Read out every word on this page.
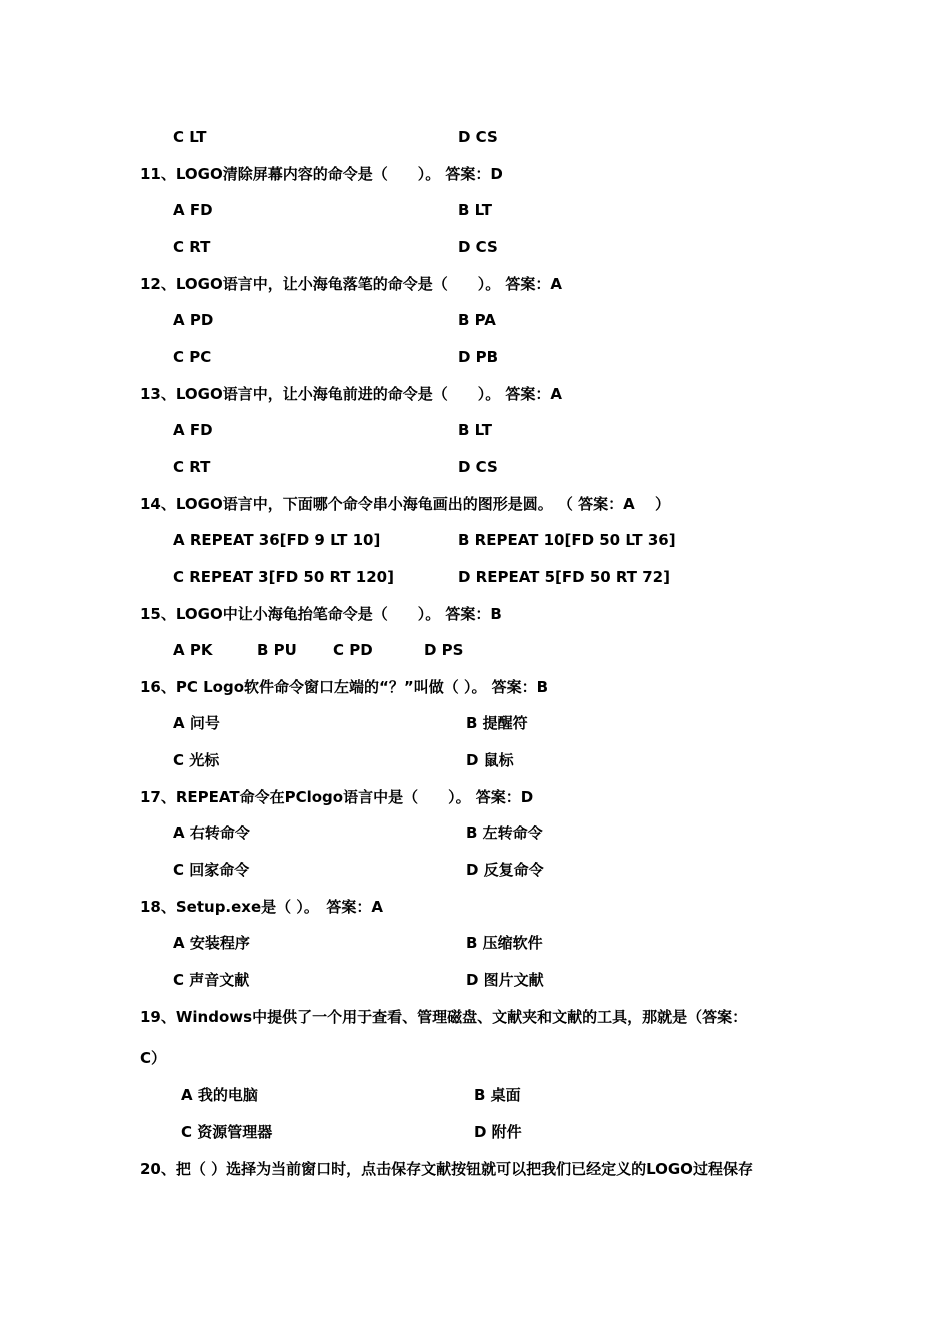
C LT	D CS
11、LOGO清除屏幕内容的命令是（　　）。 答案：D
A FD	B LT
C RT	D CS
12、LOGO语言中，让小海龟落笔的命令是（　　）。 答案：A
A PD	B PA
C PC	D PB
13、LOGO语言中，让小海龟前进的命令是（　　）。 答案：A
A FD	B LT
C RT	D CS
14、LOGO语言中，下面哪个命令串小海龟画出的图形是圆。 （ 答案：A　 ）
A REPEAT 36[FD 9 LT 10]	B REPEAT 10[FD 50 LT 36]
C REPEAT 3[FD 50 RT 120]	D REPEAT 5[FD 50 RT 72]
15、LOGO中让小海龟抬笔命令是（　　）。 答案：B
A PK	B PU C PD	D PS
16、PC Logo软件命令窗口左端的“？”叫做（ ）。 答案：B
A 问号	B 提醒符
C 光标	D 鼠标
17、REPEAT命令在PClogo语言中是（　　）。 答案：D
A 右转命令	B 左转命令
C 回家命令	D 反复命令
18、Setup.exe是（ ）。　答案：A
A 安装程序	B 压缩软件
C 声音文献	D 图片文献
19、Windows中提供了一个用于查看、管理磁盘、文献夹和文献的工具，那就是（答案：
C）
A 我的电脑	B 桌面
C 资源管理器	D 附件
20、把（ ）选择为当前窗口时，点击保存文献按钮就可以把我们已经定义的LOGO过程保存
